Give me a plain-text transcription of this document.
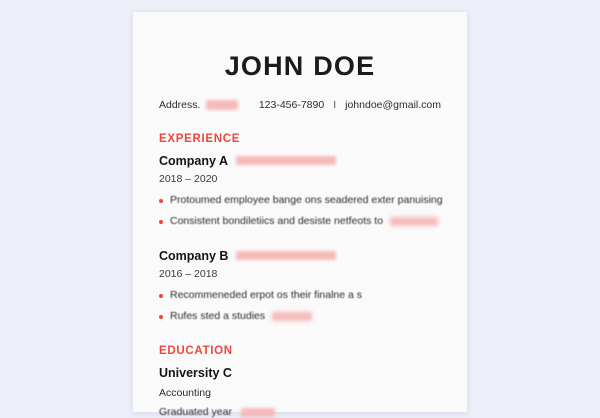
JOHN DOE
Address.
	123-456-7890 I johndoe@gmail.com
EXPERIENCE
Company A
2018 – 2020
Protoumed employee bange ons seadered exter panuising
Consistent bondiletiics and desiste netfeots to
Company B
2016 – 2018
Recommeneded erpot os their finalne a s
Rufes sted a studies
EDUCATION
University C
Accounting
Graduated year
